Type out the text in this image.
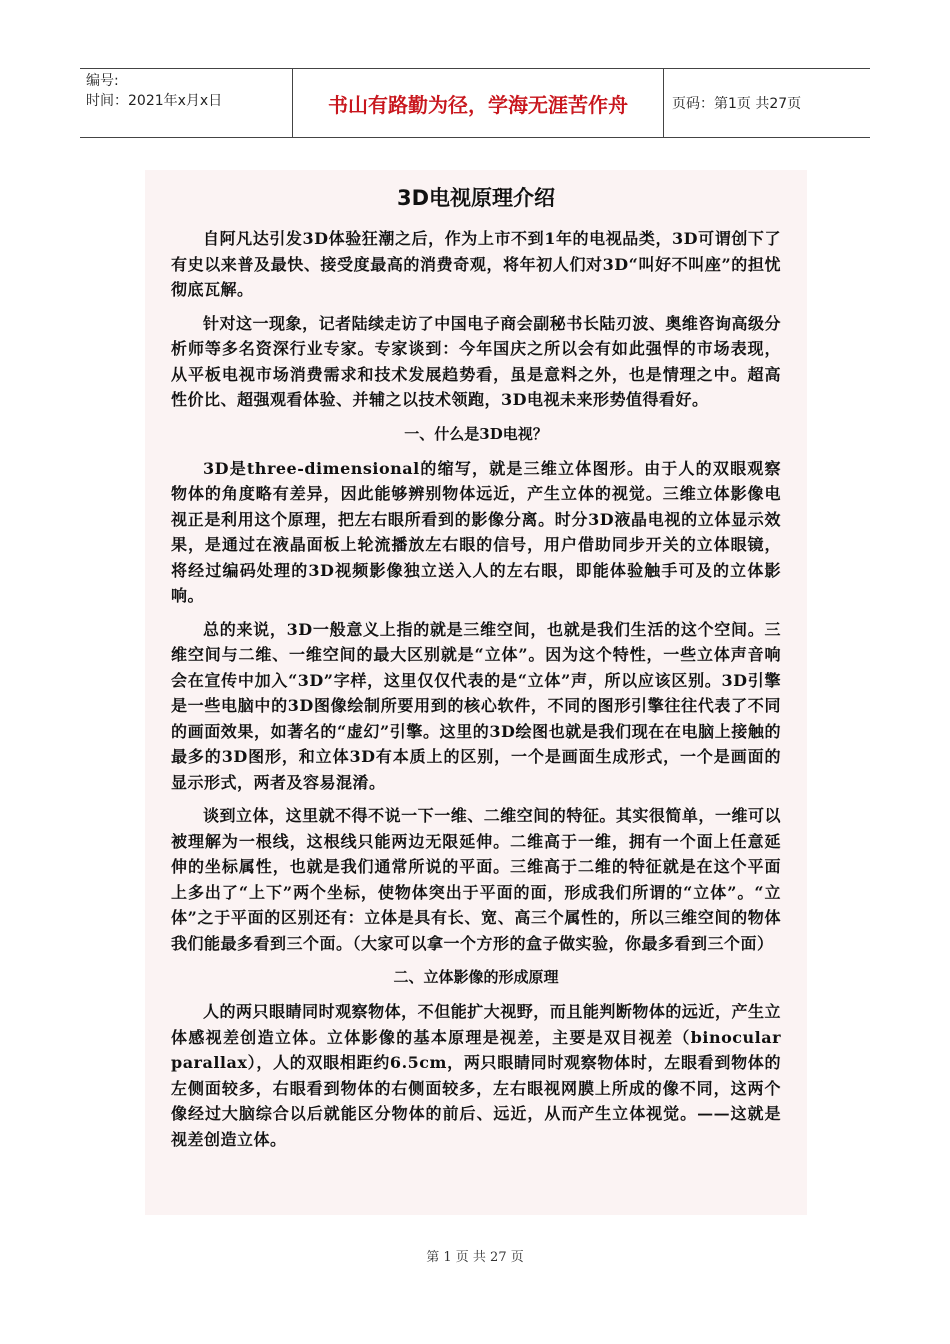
编号:
时间：2021年x月x日	书山有路勤为径，学海无涯苦作舟	页码：第1页 共27页
3D电视原理介绍

自阿凡达引发3D体验狂潮之后，作为上市不到1年的电视品类，3D可谓创下了有史以来普及最快、接受度最高的消费奇观，将年初人们对3D“叫好不叫座”的担忧彻底瓦解。

针对这一现象，记者陆续走访了中国电子商会副秘书长陆刃波、奥维咨询高级分析师等多名资深行业专家。专家谈到：今年国庆之所以会有如此强悍的市场表现，从平板电视市场消费需求和技术发展趋势看，虽是意料之外，也是情理之中。超高性价比、超强观看体验、并辅之以技术领跑，3D电视未来形势值得看好。

一、什么是3D电视？

3D是three-dimensional的缩写，就是三维立体图形。由于人的双眼观察物体的角度略有差异，因此能够辨别物体远近，产生立体的视觉。三维立体影像电视正是利用这个原理，把左右眼所看到的影像分离。时分3D液晶电视的立体显示效果，是通过在液晶面板上轮流播放左右眼的信号，用户借助同步开关的立体眼镜，将经过编码处理的3D视频影像独立送入人的左右眼，即能体验触手可及的立体影响。

总的来说，3D一般意义上指的就是三维空间，也就是我们生活的这个空间。三维空间与二维、一维空间的最大区别就是“立体”。因为这个特性，一些立体声音响会在宣传中加入“3D”字样，这里仅仅代表的是“立体”声，所以应该区别。3D引擎是一些电脑中的3D图像绘制所要用到的核心软件，不同的图形引擎往往代表了不同的画面效果，如著名的“虚幻”引擎。这里的3D绘图也就是我们现在在电脑上接触的最多的3D图形，和立体3D有本质上的区别，一个是画面生成形式，一个是画面的显示形式，两者及容易混淆。

谈到立体，这里就不得不说一下一维、二维空间的特征。其实很简单，一维可以被理解为一根线，这根线只能两边无限延伸。二维高于一维，拥有一个面上任意延伸的坐标属性，也就是我们通常所说的平面。三维高于二维的特征就是在这个平面上多出了“上下”两个坐标，使物体突出于平面的面，形成我们所谓的“立体”。“立体”之于平面的区别还有：立体是具有长、宽、高三个属性的，所以三维空间的物体我们能最多看到三个面。（大家可以拿一个方形的盒子做实验，你最多看到三个面）

二、立体影像的形成原理

人的两只眼睛同时观察物体，不但能扩大视野，而且能判断物体的远近，产生立体感视差创造立体。立体影像的基本原理是视差，主要是双目视差（binocular parallax），人的双眼相距约6.5cm，两只眼睛同时观察物体时，左眼看到物体的左侧面较多，右眼看到物体的右侧面较多，左右眼视网膜上所成的像不同，这两个像经过大脑综合以后就能区分物体的前后、远近，从而产生立体视觉。——这就是视差创造立体。

第 1 页 共 27 页
